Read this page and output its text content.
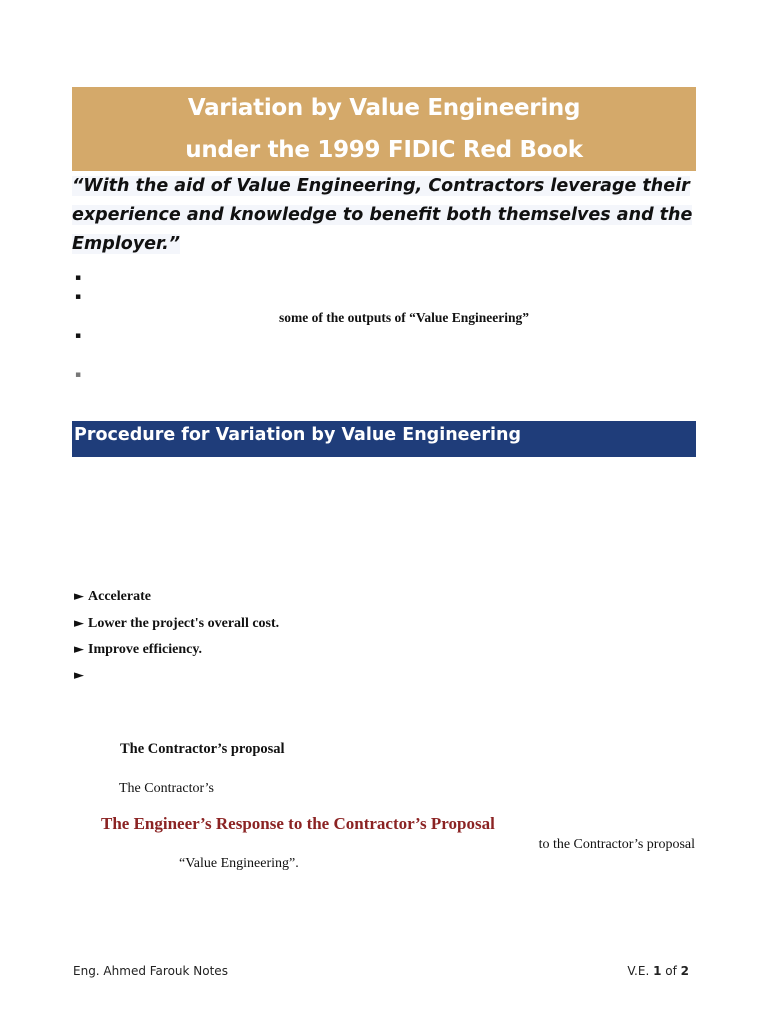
Variation by Value Engineering
under the 1999 FIDIC Red Book
“With the aid of Value Engineering, Contractors leverage their
experience and knowledge to benefit both themselves and the
Employer.”
▪
▪
some of the outputs of “Value Engineering”
▪
▪
Procedure for Variation by Value Engineering
► Accelerate
► Lower the project's overall cost.
► Improve efficiency.
►
The Contractor’s proposal
The Contractor’s
The Engineer’s Response to the Contractor’s Proposal
to the Contractor’s proposal
“Value Engineering”.
Eng. Ahmed Farouk Notes	V.E. 1 of 2
